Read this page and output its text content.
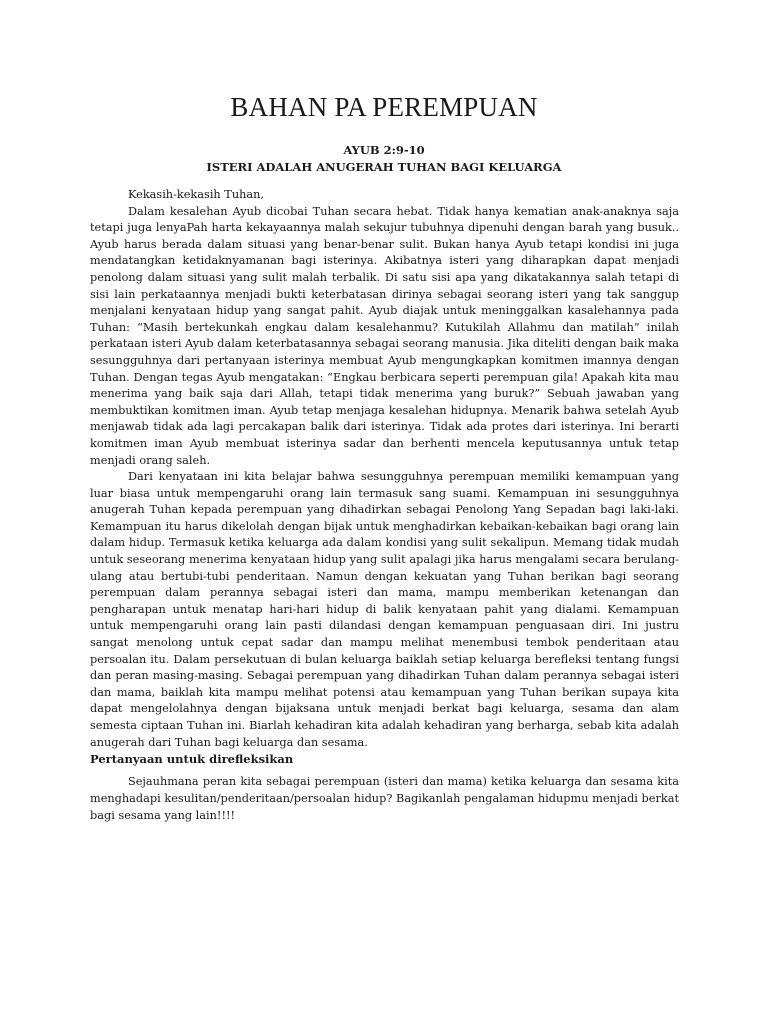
BAHAN PA PEREMPUAN
AYUB 2:9-10
ISTERI ADALAH ANUGERAH TUHAN BAGI KELUARGA

Kekasih-kekasih Tuhan,

Dalam kesalehan Ayub dicobai Tuhan secara hebat. Tidak hanya kematian anak-anaknya saja tetapi juga lenyaPah harta kekayaannya malah sekujur tubuhnya dipenuhi dengan barah yang busuk.. Ayub harus berada dalam situasi yang benar-benar sulit. Bukan hanya Ayub tetapi kondisi ini juga mendatangkan ketidaknyamanan bagi isterinya. Akibatnya isteri yang diharapkan dapat menjadi penolong dalam situasi yang sulit malah terbalik. Di satu sisi apa yang dikatakannya salah tetapi di sisi lain perkataannya menjadi bukti keterbatasan dirinya sebagai seorang isteri yang tak sanggup menjalani kenyataan hidup yang sangat pahit. Ayub diajak untuk meninggalkan kasalehannya pada Tuhan: “Masih bertekunkah engkau dalam kesalehanmu? Kutukilah Allahmu dan matilah” inilah perkataan isteri Ayub dalam keterbatasannya sebagai seorang manusia. Jika diteliti dengan baik maka sesungguhnya dari pertanyaan isterinya membuat Ayub mengungkapkan komitmen imannya dengan Tuhan. Dengan tegas Ayub mengatakan: “Engkau berbicara seperti perempuan gila! Apakah kita mau menerima yang baik saja dari Allah, tetapi tidak menerima yang buruk?” Sebuah jawaban yang membuktikan komitmen iman. Ayub tetap menjaga kesalehan hidupnya. Menarik bahwa setelah Ayub menjawab tidak ada lagi percakapan balik dari isterinya. Tidak ada protes dari isterinya. Ini berarti komitmen iman Ayub membuat isterinya sadar dan berhenti mencela keputusannya untuk tetap menjadi orang saleh.

Dari kenyataan ini kita belajar bahwa sesungguhnya perempuan memiliki kemampuan yang luar biasa untuk mempengaruhi orang lain termasuk sang suami. Kemampuan ini sesungguhnya anugerah Tuhan kepada perempuan yang dihadirkan sebagai Penolong Yang Sepadan bagi laki-laki. Kemampuan itu harus dikelolah dengan bijak untuk menghadirkan kebaikan-kebaikan bagi orang lain dalam hidup. Termasuk ketika keluarga ada dalam kondisi yang sulit sekalipun. Memang tidak mudah untuk seseorang menerima kenyataan hidup yang sulit apalagi jika harus mengalami secara berulang-ulang atau bertubi-tubi penderitaan. Namun dengan kekuatan yang Tuhan berikan bagi seorang perempuan dalam perannya sebagai isteri dan mama, mampu memberikan ketenangan dan pengharapan untuk menatap hari-hari hidup di balik kenyataan pahit yang dialami. Kemampuan untuk mempengaruhi orang lain pasti dilandasi dengan kemampuan penguasaan diri. Ini justru sangat menolong untuk cepat sadar dan mampu melihat menembusi tembok penderitaan atau persoalan itu. Dalam persekutuan di bulan keluarga baiklah setiap keluarga berefleksi tentang fungsi dan peran masing-masing. Sebagai perempuan yang dihadirkan Tuhan dalam perannya sebagai isteri dan mama, baiklah kita mampu melihat potensi atau kemampuan yang Tuhan berikan supaya kita dapat mengelolahnya dengan bijaksana untuk menjadi berkat bagi keluarga, sesama dan alam semesta ciptaan Tuhan ini. Biarlah kehadiran kita adalah kehadiran yang berharga, sebab kita adalah anugerah dari Tuhan bagi keluarga dan sesama.

Pertanyaan untuk direfleksikan

Sejauhmana peran kita sebagai perempuan (isteri dan mama) ketika keluarga dan sesama kita menghadapi kesulitan/penderitaan/persoalan hidup? Bagikanlah pengalaman hidupmu menjadi berkat bagi sesama yang lain!!!!
